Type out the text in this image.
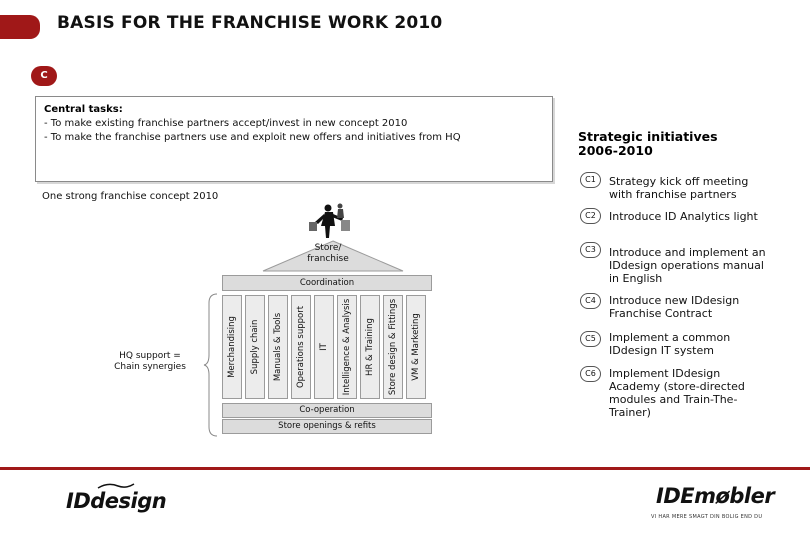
BASIS FOR THE FRANCHISE WORK 2010
C
Central tasks:
- To make existing franchise partners accept/invest in new concept 2010
- To make the franchise partners use and exploit new offers and initiatives from HQ
One strong franchise concept 2010
Store/
franchise
Coordination
Merchandising Supply chain Manuals & Tools Operations support IT Intelligence & Analysis HR & Training Store design & Fittings VM & Marketing
Co-operation
Store openings & refits
HQ support =
Chain synergies
Strategic initiatives
2006-2010
C1	Strategy kick off meeting with franchise partners
C2	Introduce ID Analytics light
C3	Introduce and implement an IDdesign operations manual in English
C4	Introduce new IDdesign Franchise Contract
C5	Implement a common IDdesign IT system
C6	Implement IDdesign Academy (store-directed modules and Train-The-Trainer)
IDdesign	IDEmøbler
VI HAR MERE SMAGT DIN BOLIG END DU
